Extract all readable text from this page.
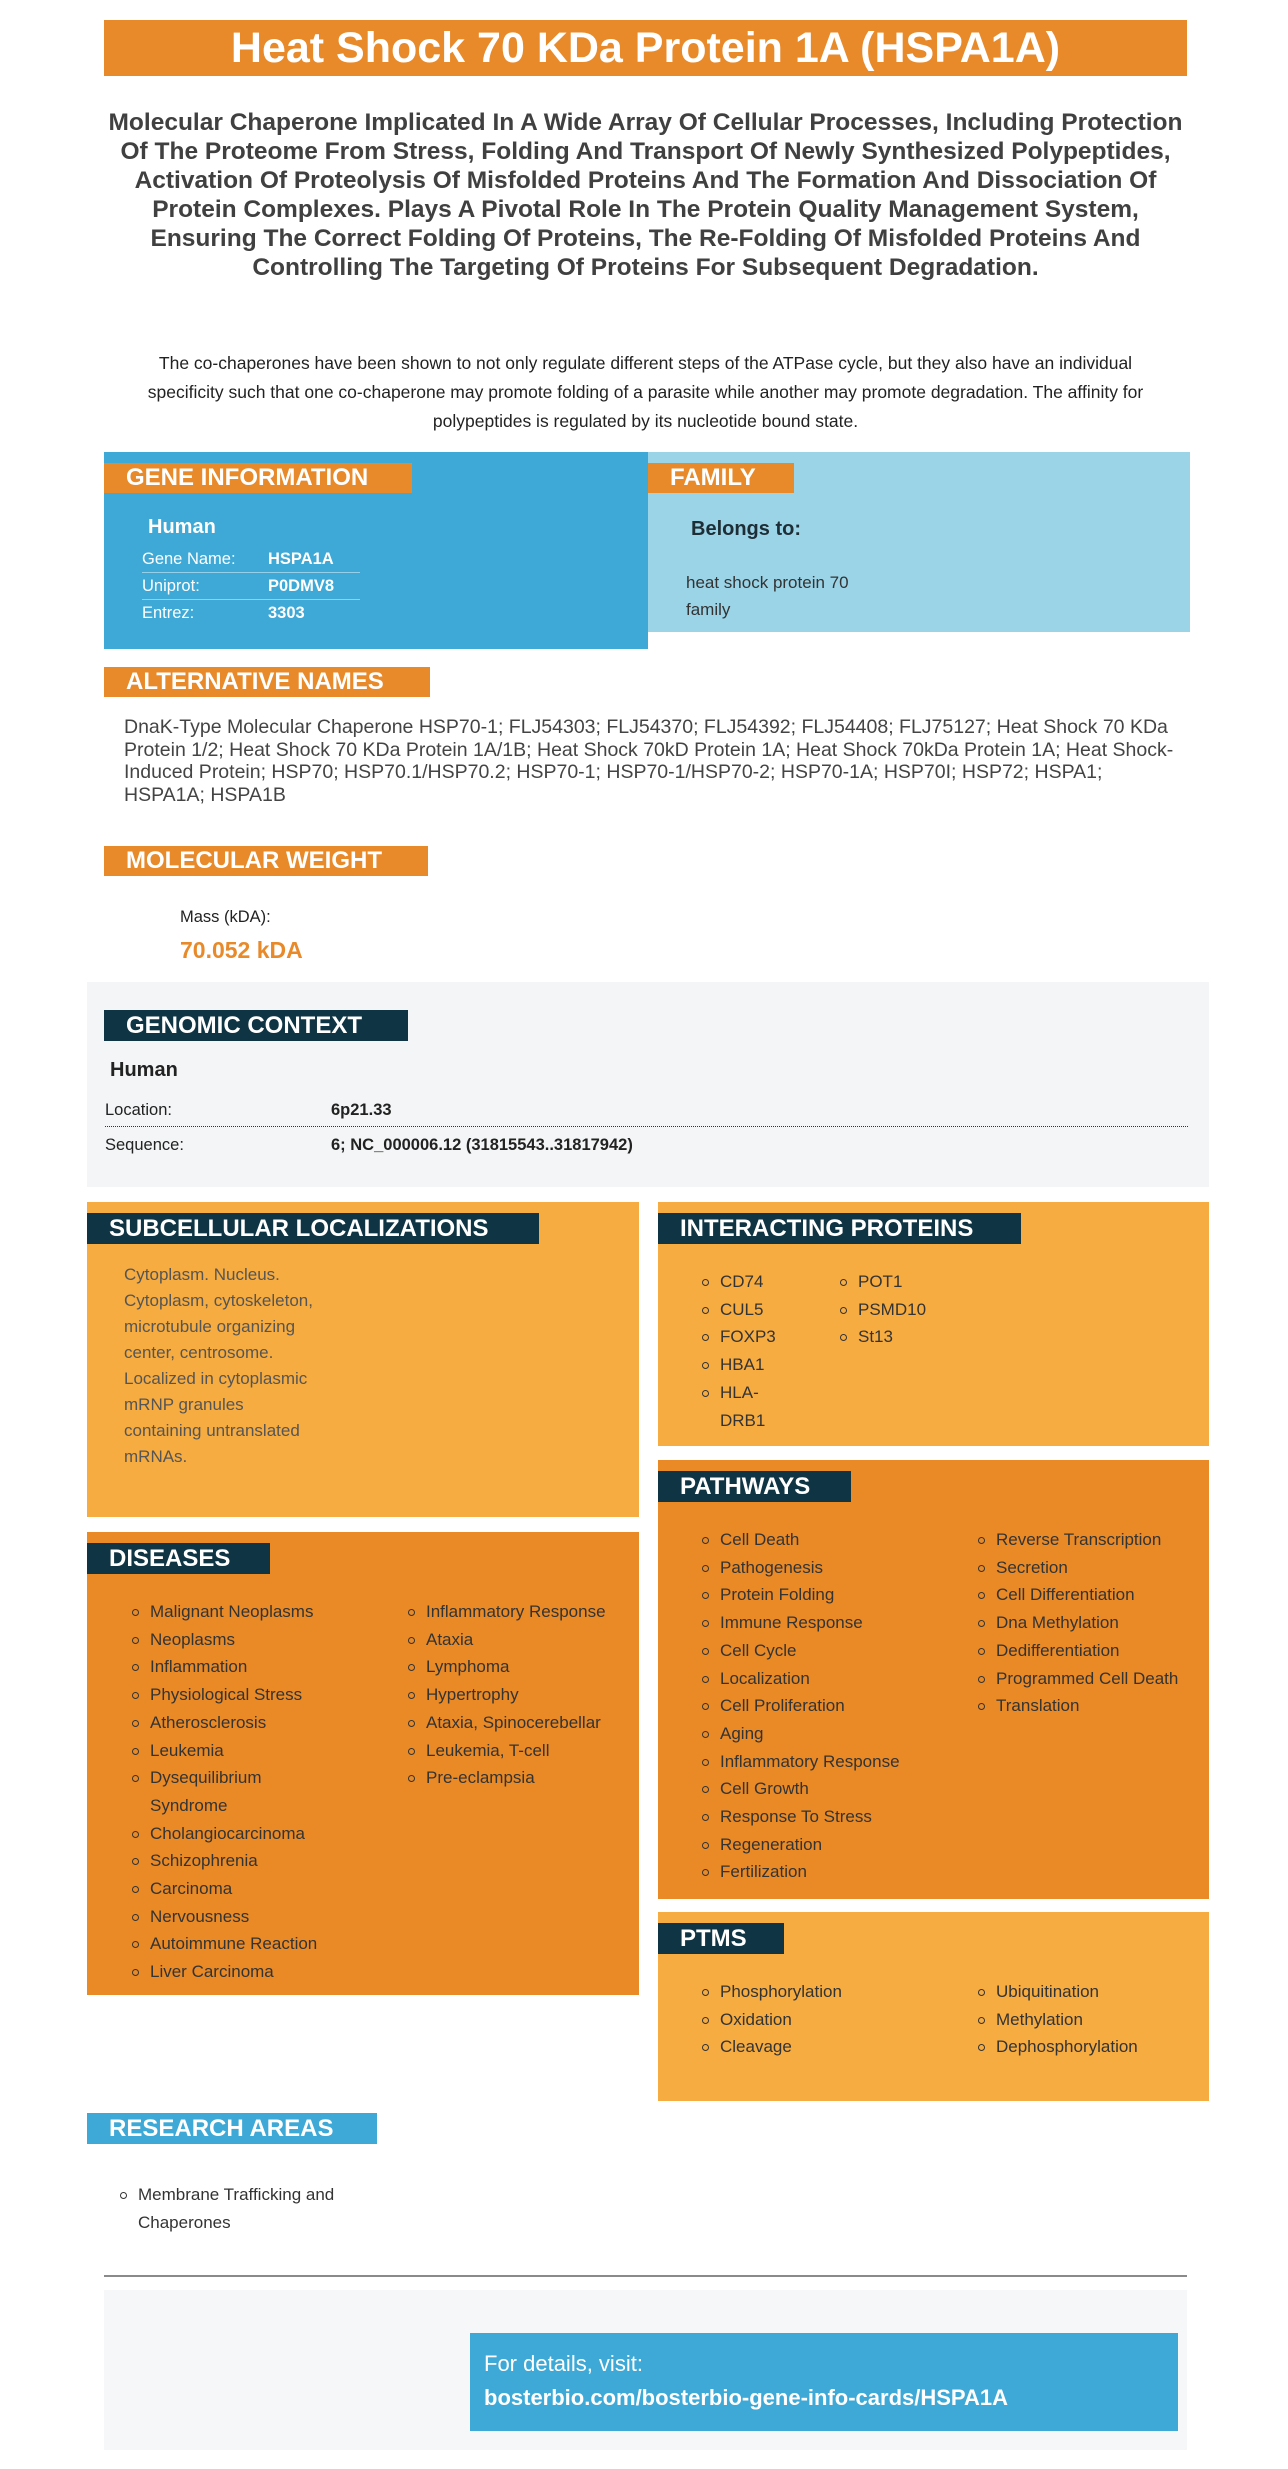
Heat Shock 70 KDa Protein 1A (HSPA1A)
Molecular Chaperone Implicated In A Wide Array Of Cellular Processes, Including Protection Of The Proteome From Stress, Folding And Transport Of Newly Synthesized Polypeptides, Activation Of Proteolysis Of Misfolded Proteins And The Formation And Dissociation Of Protein Complexes. Plays A Pivotal Role In The Protein Quality Management System, Ensuring The Correct Folding Of Proteins, The Re-Folding Of Misfolded Proteins And Controlling The Targeting Of Proteins For Subsequent Degradation.
The co-chaperones have been shown to not only regulate different steps of the ATPase cycle, but they also have an individual specificity such that one co-chaperone may promote folding of a parasite while another may promote degradation. The affinity for polypeptides is regulated by its nucleotide bound state.
GENE INFORMATION
Human
Gene Name: HSPA1A
Uniprot:	P0DMV8
Entrez:	3303
FAMILY
Belongs to:
heat shock protein 70
family
ALTERNATIVE NAMES
DnaK-Type Molecular Chaperone HSP70-1; FLJ54303; FLJ54370; FLJ54392; FLJ54408; FLJ75127; Heat Shock 70 KDa Protein 1/2; Heat Shock 70 KDa Protein 1A/1B; Heat Shock 70kD Protein 1A; Heat Shock 70kDa Protein 1A; Heat Shock-Induced Protein; HSP70; HSP70.1/HSP70.2; HSP70-1; HSP70-1/HSP70-2; HSP70-1A; HSP70I; HSP72; HSPA1; HSPA1A; HSPA1B
MOLECULAR WEIGHT
Mass (kDA):
70.052 kDA
GENOMIC CONTEXT
Human
Location:	6p21.33
Sequence:	6; NC_000006.12 (31815543..31817942)
SUBCELLULAR LOCALIZATIONS
Cytoplasm. Nucleus.
Cytoplasm, cytoskeleton,
microtubule organizing
center, centrosome.
Localized in cytoplasmic
mRNP granules
containing untranslated
mRNAs.
INTERACTING PROTEINS
CD74
CUL5
FOXP3
HBA1
HLA-DRB1
POT1
PSMD10
St13
DISEASES
Malignant Neoplasms
Neoplasms
Inflammation
Physiological Stress
Atherosclerosis
Leukemia
Dysequilibrium Syndrome
Cholangiocarcinoma
Schizophrenia
Carcinoma
Nervousness
Autoimmune Reaction
Liver Carcinoma
Inflammatory Response
Ataxia
Lymphoma
Hypertrophy
Ataxia, Spinocerebellar
Leukemia, T-cell
Pre-eclampsia
PATHWAYS
Cell Death
Pathogenesis
Protein Folding
Immune Response
Cell Cycle
Localization
Cell Proliferation
Aging
Inflammatory Response
Cell Growth
Response To Stress
Regeneration
Fertilization
Reverse Transcription
Secretion
Cell Differentiation
Dna Methylation
Dedifferentiation
Programmed Cell Death
Translation
PTMS
Phosphorylation
Oxidation
Cleavage
Ubiquitination
Methylation
Dephosphorylation
RESEARCH AREAS
Membrane Trafficking and
Chaperones
For details, visit:
bosterbio.com/bosterbio-gene-info-cards/HSPA1A
